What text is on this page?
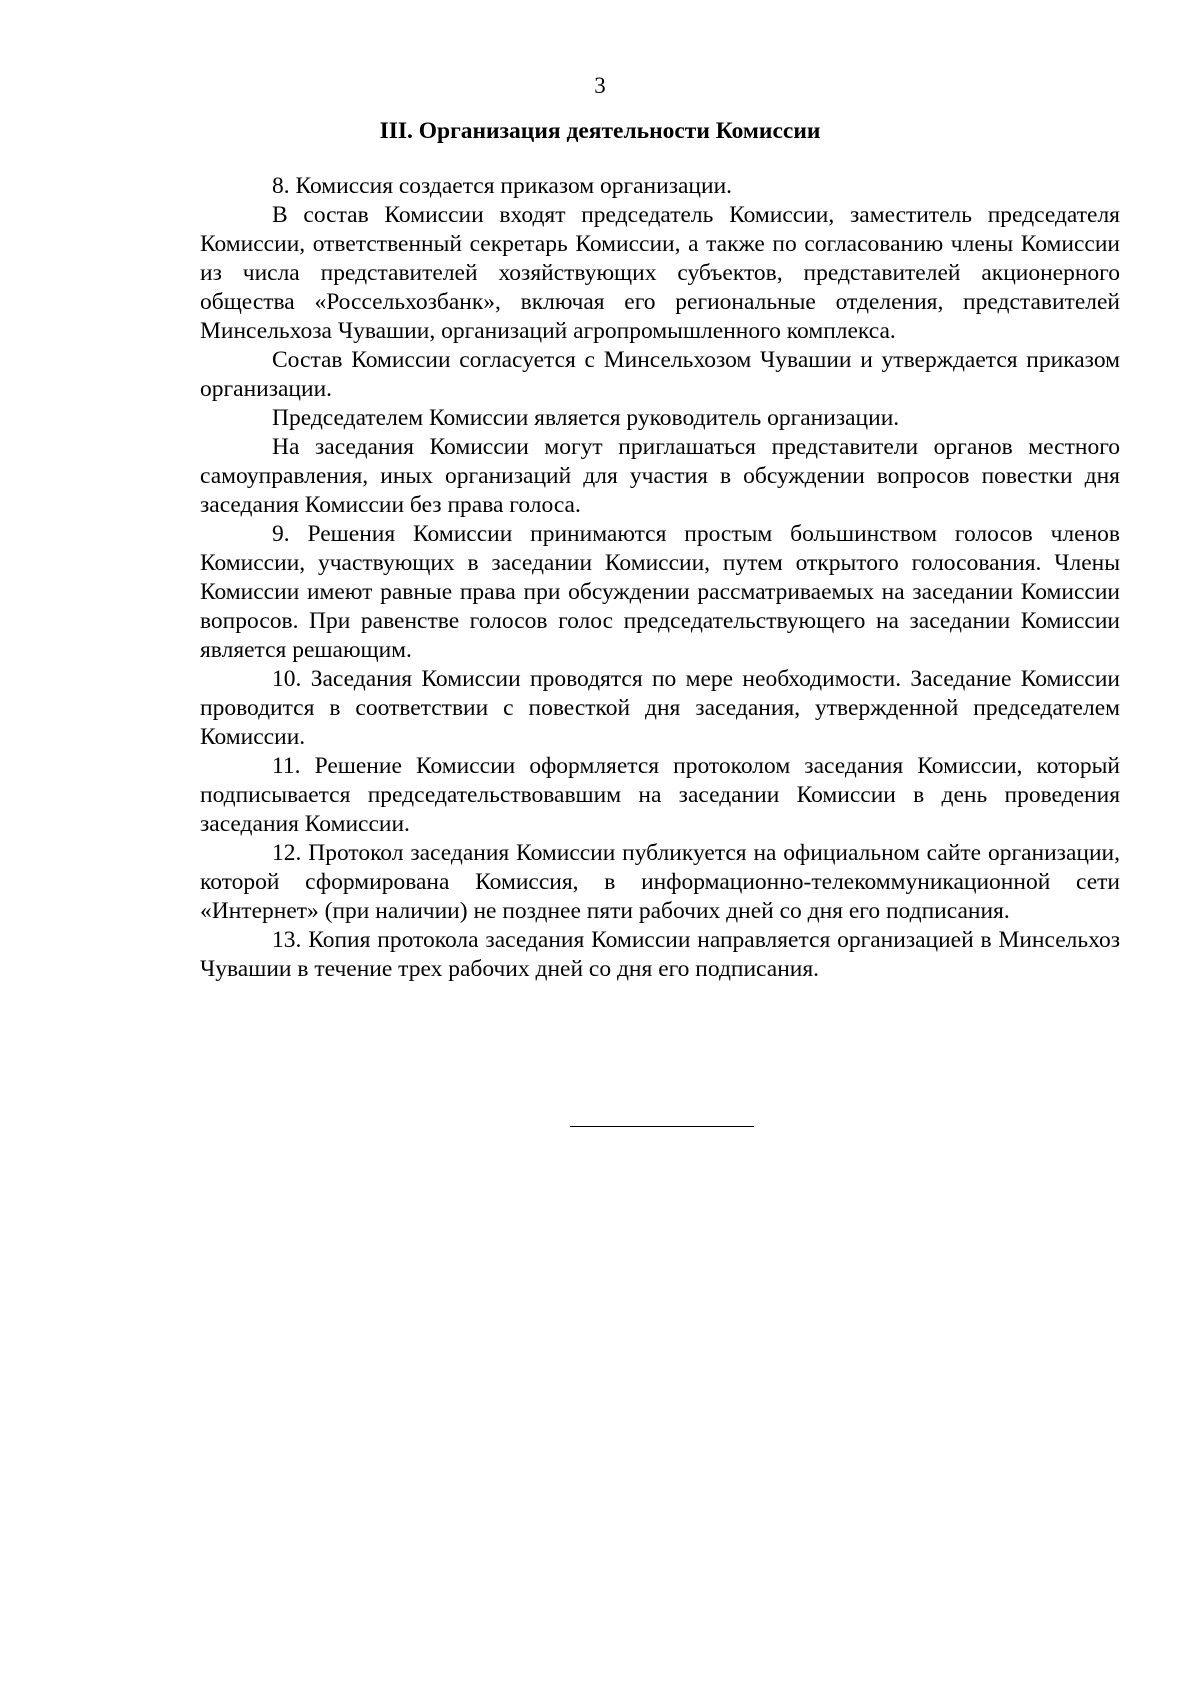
3
III. Организация деятельности Комиссии

8. Комиссия создается приказом организации.

В состав Комиссии входят председатель Комиссии, заместитель председателя Комиссии, ответственный секретарь Комиссии, а также по согласованию члены Комиссии из числа представителей хозяйствующих субъектов, представителей акционерного общества «Россельхозбанк», включая его региональные отделения, представителей Минсельхоза Чувашии, организаций агропромышленного комплекса.

Состав Комиссии согласуется с Минсельхозом Чувашии и утверждается приказом организации.

Председателем Комиссии является руководитель организации.

На заседания Комиссии могут приглашаться представители органов местного самоуправления, иных организаций для участия в обсуждении вопросов повестки дня заседания Комиссии без права голоса.

9. Решения Комиссии принимаются простым большинством голосов членов Комиссии, участвующих в заседании Комиссии, путем открытого голосования. Члены Комиссии имеют равные права при обсуждении рассматриваемых на заседании Комиссии вопросов. При равенстве голосов голос председательствующего на заседании Комиссии является решающим.

10. Заседания Комиссии проводятся по мере необходимости. Заседание Комиссии проводится в соответствии с повесткой дня заседания, утвержденной председателем Комиссии.

11. Решение Комиссии оформляется протоколом заседания Комиссии, который подписывается председательствовавшим на заседании Комиссии в день проведения заседания Комиссии.

12. Протокол заседания Комиссии публикуется на официальном сайте организации, которой сформирована Комиссия, в информационно-телекоммуникационной сети «Интернет» (при наличии) не позднее пяти рабочих дней со дня его подписания.

13. Копия протокола заседания Комиссии направляется организацией в Минсельхоз Чувашии в течение трех рабочих дней со дня его подписания.
